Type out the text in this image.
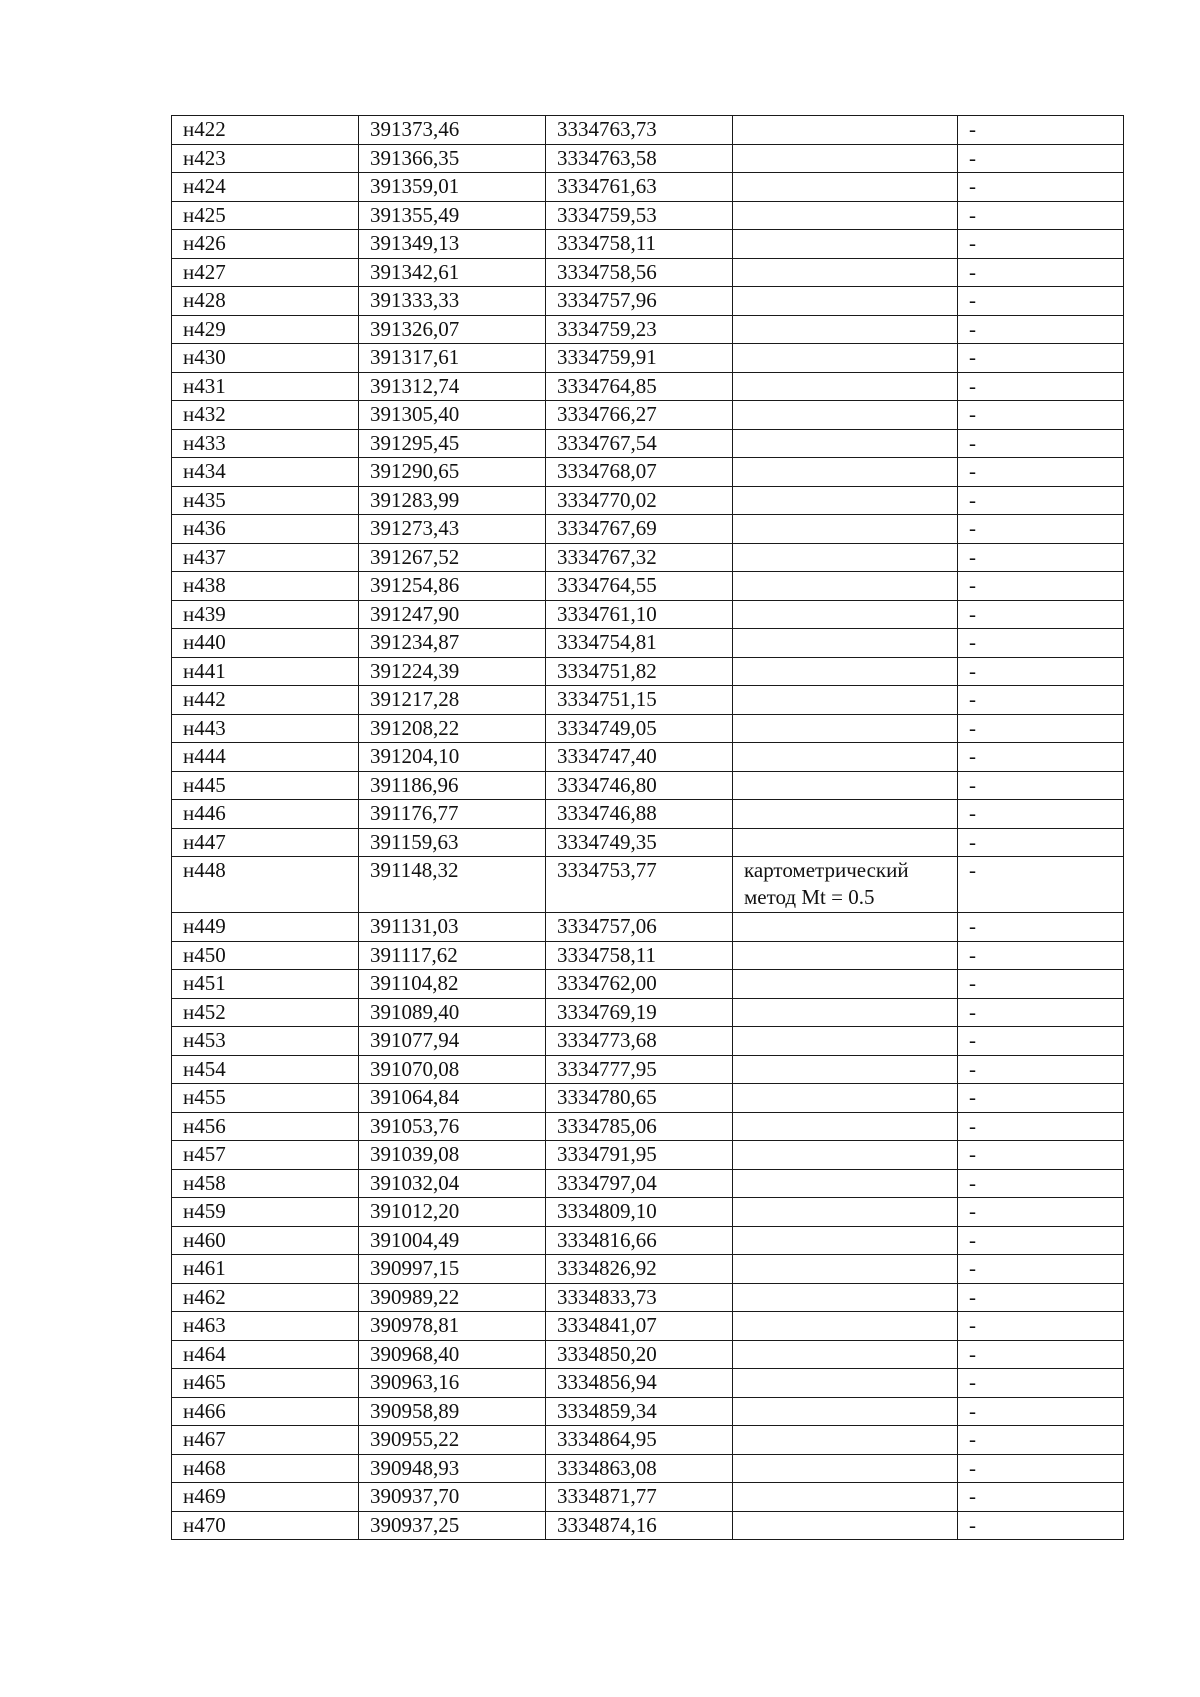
н422	391373,46	3334763,73		-
н423	391366,35	3334763,58		-
н424	391359,01	3334761,63		-
н425	391355,49	3334759,53		-
н426	391349,13	3334758,11		-
н427	391342,61	3334758,56		-
н428	391333,33	3334757,96		-
н429	391326,07	3334759,23		-
н430	391317,61	3334759,91		-
н431	391312,74	3334764,85		-
н432	391305,40	3334766,27		-
н433	391295,45	3334767,54		-
н434	391290,65	3334768,07		-
н435	391283,99	3334770,02		-
н436	391273,43	3334767,69		-
н437	391267,52	3334767,32		-
н438	391254,86	3334764,55		-
н439	391247,90	3334761,10		-
н440	391234,87	3334754,81		-
н441	391224,39	3334751,82		-
н442	391217,28	3334751,15		-
н443	391208,22	3334749,05		-
н444	391204,10	3334747,40		-
н445	391186,96	3334746,80		-
н446	391176,77	3334746,88		-
н447	391159,63	3334749,35		-
н448	391148,32	3334753,77	картометрический метод Mt = 0.5	-
н449	391131,03	3334757,06		-
н450	391117,62	3334758,11		-
н451	391104,82	3334762,00		-
н452	391089,40	3334769,19		-
н453	391077,94	3334773,68		-
н454	391070,08	3334777,95		-
н455	391064,84	3334780,65		-
н456	391053,76	3334785,06		-
н457	391039,08	3334791,95		-
н458	391032,04	3334797,04		-
н459	391012,20	3334809,10		-
н460	391004,49	3334816,66		-
н461	390997,15	3334826,92		-
н462	390989,22	3334833,73		-
н463	390978,81	3334841,07		-
н464	390968,40	3334850,20		-
н465	390963,16	3334856,94		-
н466	390958,89	3334859,34		-
н467	390955,22	3334864,95		-
н468	390948,93	3334863,08		-
н469	390937,70	3334871,77		-
н470	390937,25	3334874,16		-
